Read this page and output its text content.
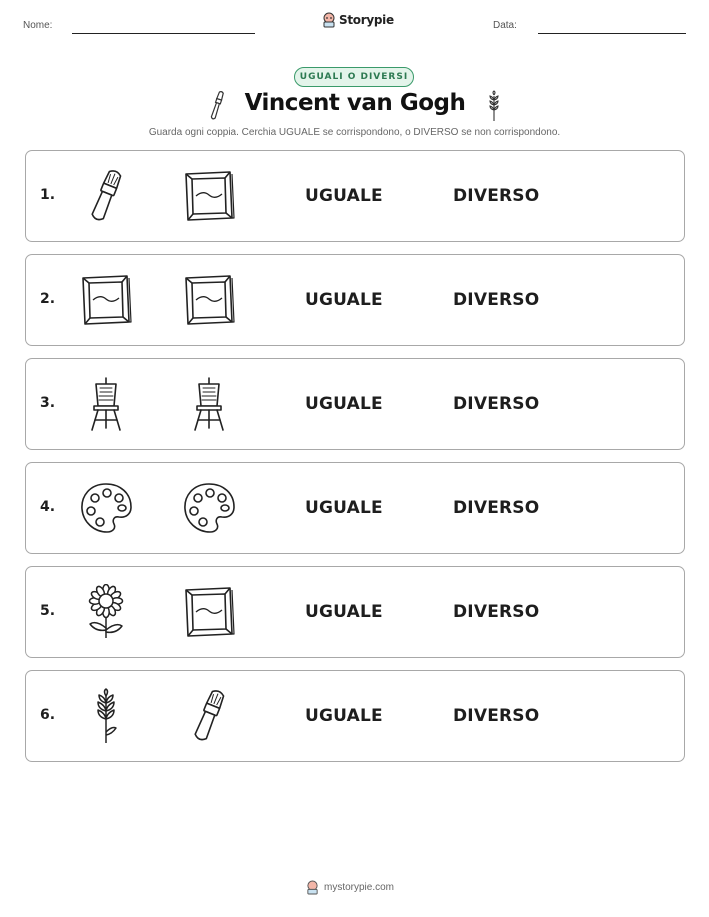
Nome:	Storypie	Data:
UGUALI O DIVERSI
Vincent van Gogh
Guarda ogni coppia. Cerchia UGUALE se corrispondono, o DIVERSO se non corrispondono.
1.	UGUALE	DIVERSO
2.	UGUALE	DIVERSO
3.	UGUALE	DIVERSO
4.	UGUALE	DIVERSO
5.	UGUALE	DIVERSO
6.	UGUALE	DIVERSO
mystorypie.com
